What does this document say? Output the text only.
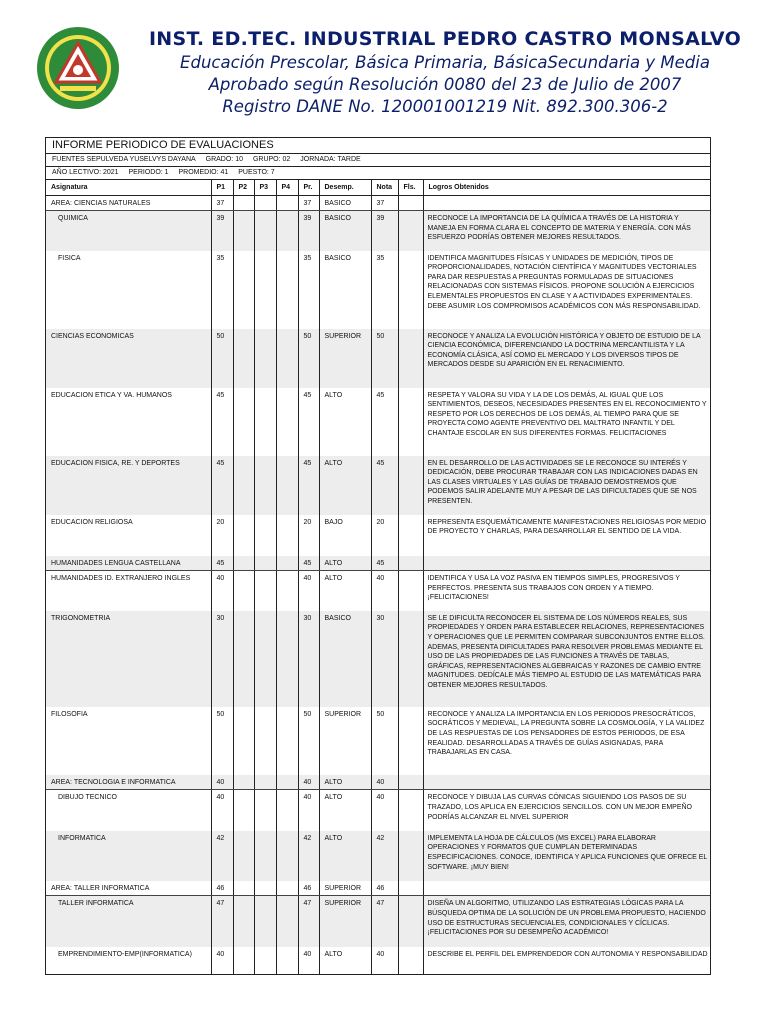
INST. ED.TEC. INDUSTRIAL PEDRO CASTRO MONSALVO
Educación Prescolar, Básica Primaria, BásicaSecundaria y Media
Aprobado según Resolución 0080 del 23 de Julio de 2007
Registro DANE No. 120001001219 Nit. 892.300.306-2
INFORME PERIODICO DE EVALUACIONES
FUENTES SEPULVEDA YUSELVYS DAYANA GRADO: 10 GRUPO: 02 JORNADA: TARDE
AÑO LECTIVO: 2021 PERIODO: 1 PROMEDIO: 41 PUESTO: 7
Asignatura	P1	P2	P3	P4	Pr.	Desemp.	Nota	Fls.	Logros Obtenidos
AREA: CIENCIAS NATURALES	37				37	BASICO	37		
QUIMICA	39				39	BASICO	39		RECONOCE LA IMPORTANCIA DE LA QUÍMICA A TRAVÉS DE LA HISTORIA Y MANEJA EN FORMA CLARA EL CONCEPTO DE MATERIA Y ENERGÍA. CON MÁS ESFUERZO PODRÍAS OBTENER MEJORES RESULTADOS.
FISICA	35				35	BASICO	35		IDENTIFICA MAGNITUDES FÍSICAS Y UNIDADES DE MEDICIÓN, TIPOS DE PROPORCIONALIDADES, NOTACIÓN CIENTÍFICA Y MAGNITUDES VECTORIALES PARA DAR RESPUESTAS A PREGUNTAS FORMULADAS DE SITUACIONES RELACIONADAS CON SISTEMAS FÍSICOS. PROPONE SOLUCIÓN A EJERCICIOS ELEMENTALES PROPUESTOS EN CLASE Y A ACTIVIDADES EXPERIMENTALES. DEBE ASUMIR LOS COMPROMISOS ACADÉMICOS CON MÁS RESPONSABILIDAD.
CIENCIAS ECONOMICAS	50				50	SUPERIOR	50		RECONOCE Y ANALIZA LA EVOLUCIÓN HISTÓRICA Y OBJETO DE ESTUDIO DE LA CIENCIA ECONÓMICA, DIFERENCIANDO LA DOCTRINA MERCANTILISTA Y LA ECONOMÍA CLÁSICA, ASÍ COMO EL MERCADO Y LOS DIVERSOS TIPOS DE MERCADOS DESDE SU APARICIÓN EN EL RENACIMIENTO.
EDUCACION ETICA Y VA. HUMANOS	45				45	ALTO	45		RESPETA Y VALORA SU VIDA Y LA DE LOS DEMÁS, AL IGUAL QUE LOS SENTIMIENTOS, DESEOS, NECESIDADES PRESENTES EN EL RECONOCIMIENTO Y RESPETO POR LOS DERECHOS DE LOS DEMÁS, AL TIEMPO PARA QUE SE PROYECTA COMO AGENTE PREVENTIVO DEL MALTRATO INFANTIL Y DEL CHANTAJE ESCOLAR EN SUS DIFERENTES FORMAS. FELICITACIONES
EDUCACION FISICA, RE. Y DEPORTES	45				45	ALTO	45		EN EL DESARROLLO DE LAS ACTIVIDADES SE LE RECONOCE SU INTERÉS Y DEDICACIÓN, DEBE PROCURAR TRABAJAR CON LAS INDICACIONES DADAS EN LAS CLASES VIRTUALES Y LAS GUÍAS DE TRABAJO DEMOSTREMOS QUE PODEMOS SALIR ADELANTE MUY A PESAR DE LAS DIFICULTADES QUE SE NOS PRESENTEN.
EDUCACION RELIGIOSA	20				20	BAJO	20		REPRESENTA ESQUEMÁTICAMENTE MANIFESTACIONES RELIGIOSAS POR MEDIO DE PROYECTO Y CHARLAS, PARA DESARROLLAR EL SENTIDO DE LA VIDA.
HUMANIDADES LENGUA CASTELLANA	45				45	ALTO	45		
HUMANIDADES ID. EXTRANJERO INGLES	40				40	ALTO	40		IDENTIFICA Y USA LA VOZ PASIVA EN TIEMPOS SIMPLES, PROGRESIVOS Y PERFECTOS. PRESENTA SUS TRABAJOS CON ORDEN Y A TIEMPO. ¡FELICITACIONES!
TRIGONOMETRIA	30				30	BASICO	30		SE LE DIFICULTA RECONOCER EL SISTEMA DE LOS NÚMEROS REALES, SUS PROPIEDADES Y ORDEN PARA ESTABLECER RELACIONES, REPRESENTACIONES Y OPERACIONES QUE LE PERMITEN COMPARAR SUBCONJUNTOS ENTRE ELLOS. ADEMAS, PRESENTA DIFICULTADES PARA RESOLVER PROBLEMAS MEDIANTE EL USO DE LAS PROPIEDADES DE LAS FUNCIONES A TRAVÉS DE TABLAS, GRÁFICAS, REPRESENTACIONES ALGEBRAICAS Y RAZONES DE CAMBIO ENTRE MAGNITUDES. DEDÍCALE MÁS TIEMPO AL ESTUDIO DE LAS MATEMÁTICAS PARA OBTENER MEJORES RESULTADOS.
FILOSOFIA	50				50	SUPERIOR	50		RECONOCE Y ANALIZA LA IMPORTANCIA EN LOS PERIODOS PRESOCRÁTICOS, SOCRÁTICOS Y MEDIEVAL, LA PREGUNTA SOBRE LA COSMOLOGÍA, Y LA VALIDEZ DE LAS RESPUESTAS DE LOS PENSADORES DE ESTOS PERIODOS, DE ESA REALIDAD. DESARROLLADAS A TRAVÉS DE GUÍAS ASIGNADAS, PARA TRABAJARLAS EN CASA.
AREA: TECNOLOGIA E INFORMATICA	40				40	ALTO	40		
DIBUJO TECNICO	40				40	ALTO	40		RECONOCE Y DIBUJA LAS CURVAS CÓNICAS SIGUIENDO LOS PASOS DE SU TRAZADO, LOS APLICA EN EJERCICIOS SENCILLOS. CON UN MEJOR EMPEÑO PODRÍAS ALCANZAR EL NIVEL SUPERIOR
INFORMATICA	42				42	ALTO	42		IMPLEMENTA LA HOJA DE CÁLCULOS (MS EXCEL) PARA ELABORAR OPERACIONES Y FORMATOS QUE CUMPLAN DETERMINADAS ESPECIFICACIONES. CONOCE, IDENTIFICA Y APLICA FUNCIONES QUE OFRECE EL SOFTWARE. ¡MUY BIEN!
AREA: TALLER INFORMATICA	46				46	SUPERIOR	46		
TALLER INFORMATICA	47				47	SUPERIOR	47		DISEÑA UN ALGORITMO, UTILIZANDO LAS ESTRATEGIAS LÓGICAS PARA LA BÚSQUEDA OPTIMA DE LA SOLUCIÓN DE UN PROBLEMA PROPUESTO, HACIENDO USO DE ESTRUCTURAS SECUENCIALES, CONDICIONALES Y CÍCLICAS. ¡FELICITACIONES POR SU DESEMPEÑO ACADÉMICO!
EMPRENDIMIENTO-EMP(INFORMATICA)	40				40	ALTO	40		DESCRIBE EL PERFIL DEL EMPRENDEDOR CON AUTONOMIA Y RESPONSABILIDAD
